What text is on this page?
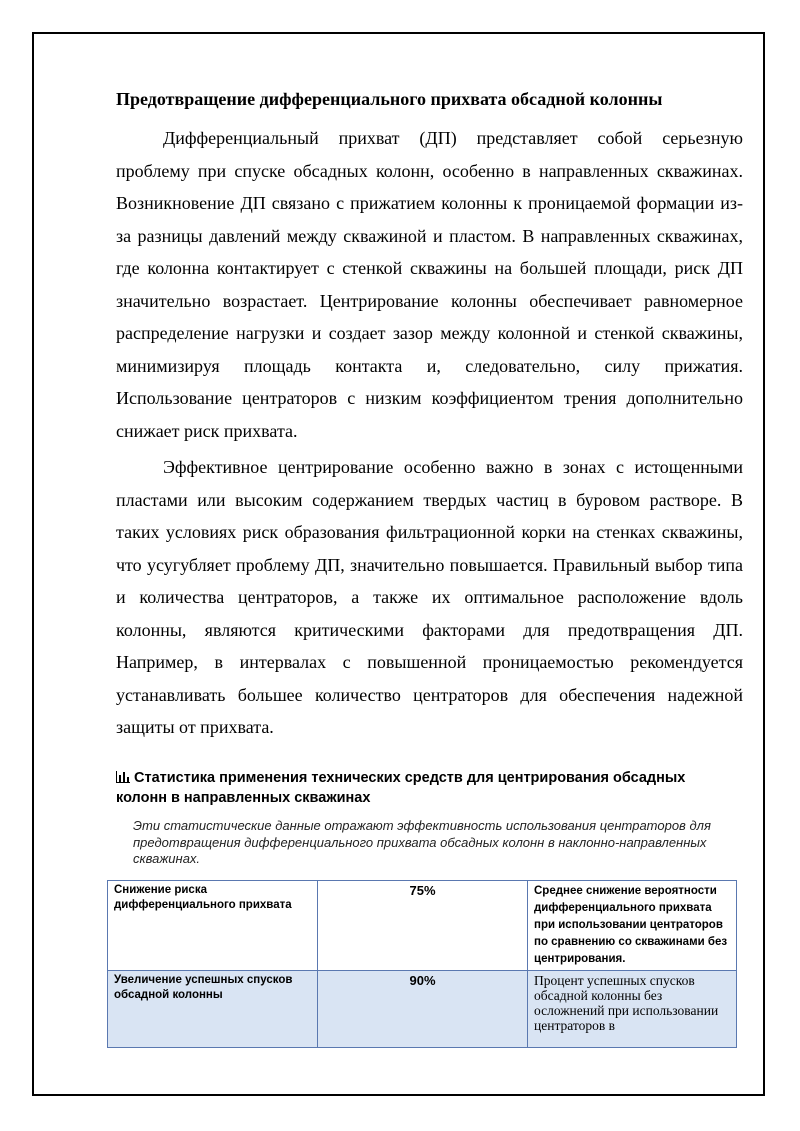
Предотвращение дифференциального прихвата обсадной колонны

Дифференциальный прихват (ДП) представляет собой серьезную проблему при спуске обсадных колонн, особенно в направленных скважинах. Возникновение ДП связано с прижатием колонны к проницаемой формации из-за разницы давлений между скважиной и пластом. В направленных скважинах, где колонна контактирует с стенкой скважины на большей площади, риск ДП значительно возрастает. Центрирование колонны обеспечивает равномерное распределение нагрузки и создает зазор между колонной и стенкой скважины, минимизируя площадь контакта и, следовательно, силу прижатия. Использование центраторов с низким коэффициентом трения дополнительно снижает риск прихвата.

Эффективное центрирование особенно важно в зонах с истощенными пластами или высоким содержанием твердых частиц в буровом растворе. В таких условиях риск образования фильтрационной корки на стенках скважины, что усугубляет проблему ДП, значительно повышается. Правильный выбор типа и количества центраторов, а также их оптимальное расположение вдоль колонны, являются критическими факторами для предотвращения ДП. Например, в интервалах с повышенной проницаемостью рекомендуется устанавливать большее количество центраторов для обеспечения надежной защиты от прихвата.

Статистика применения технических средств для центрирования обсадных колонн в направленных скважинах
Эти статистические данные отражают эффективность использования центраторов для предотвращения дифференциального прихвата обсадных колонн в наклонно-направленных скважинах.
Снижение риска дифференциального прихвата	75%	Среднее снижение вероятности дифференциального прихвата при использовании центраторов по сравнению со скважинами без центрирования.

Увеличение успешных спусков обсадной колонны	90%	Процент успешных спусков обсадной колонны без осложнений при использовании центраторов в
